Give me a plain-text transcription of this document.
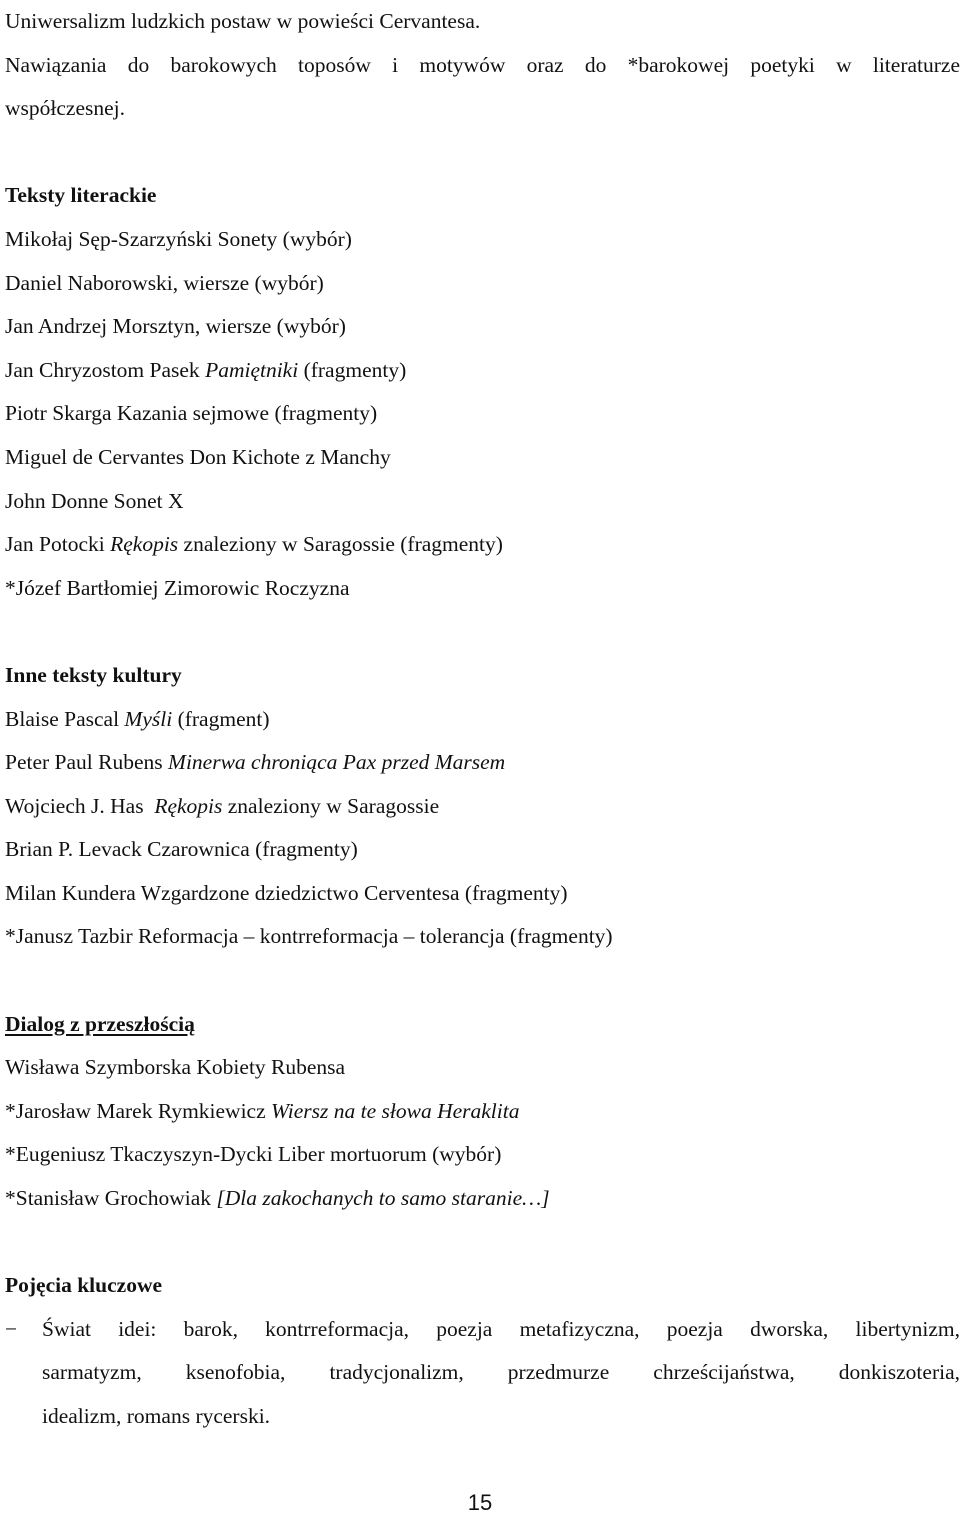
Uniwersalizm ludzkich postaw w powieści Cervantesa.
Nawiązania do barokowych toposów i motywów oraz do *barokowej poetyki w literaturze
współczesnej.
Teksty literackie
Mikołaj Sęp-Szarzyński Sonety (wybór)
Daniel Naborowski, wiersze (wybór)
Jan Andrzej Morsztyn, wiersze (wybór)
Jan Chryzostom Pasek Pamiętniki (fragmenty)
Piotr Skarga Kazania sejmowe (fragmenty)
Miguel de Cervantes Don Kichote z Manchy
John Donne Sonet X
Jan Potocki Rękopis znaleziony w Saragossie (fragmenty)
*Józef Bartłomiej Zimorowic Roczyzna
Inne teksty kultury
Blaise Pascal Myśli (fragment)
Peter Paul Rubens Minerwa chroniąca Pax przed Marsem
Wojciech J. Has  Rękopis znaleziony w Saragossie
Brian P. Levack Czarownica (fragmenty)
Milan Kundera Wzgardzone dziedzictwo Cerventesa (fragmenty)
*Janusz Tazbir Reformacja – kontrreformacja – tolerancja (fragmenty)
Dialog z przeszłością
Wisława Szymborska Kobiety Rubensa
*Jarosław Marek Rymkiewicz Wiersz na te słowa Heraklita
*Eugeniusz Tkaczyszyn-Dycki Liber mortuorum (wybór)
*Stanisław Grochowiak [Dla zakochanych to samo staranie…]
Pojęcia kluczowe
− Świat idei: barok, kontrreformacja, poezja metafizyczna, poezja dworska, libertynizm,
sarmatyzm, ksenofobia, tradycjonalizm, przedmurze chrześcijaństwa, donkiszoteria,
idealizm, romans rycerski.
15
